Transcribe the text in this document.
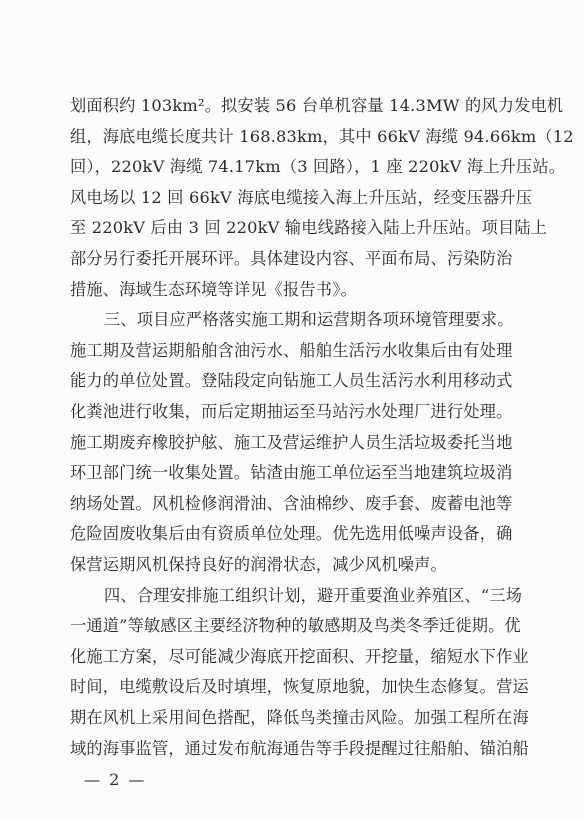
划面积约 103km²。拟安装 56 台单机容量 14.3MW 的风力发电机
组，海底电缆长度共计 168.83km，其中 66kV 海缆 94.66km（12
回），220kV 海缆 74.17km（3 回路），1 座 220kV 海上升压站。
风电场以 12 回 66kV 海底电缆接入海上升压站，经变压器升压
至 220kV 后由 3 回 220kV 输电线路接入陆上升压站。项目陆上
部分另行委托开展环评。具体建设内容、平面布局、污染防治
措施、海域生态环境等详见《报告书》。
三、项目应严格落实施工期和运营期各项环境管理要求。
施工期及营运期船舶含油污水、船舶生活污水收集后由有处理
能力的单位处置。登陆段定向钻施工人员生活污水利用移动式
化粪池进行收集，而后定期抽运至马站污水处理厂进行处理。
施工期废弃橡胶护舷、施工及营运维护人员生活垃圾委托当地
环卫部门统一收集处置。钻渣由施工单位运至当地建筑垃圾消
纳场处置。风机检修润滑油、含油棉纱、废手套、废蓄电池等
危险固废收集后由有资质单位处理。优先选用低噪声设备，确
保营运期风机保持良好的润滑状态，减少风机噪声。
四、合理安排施工组织计划，避开重要渔业养殖区、“三场
一通道”等敏感区主要经济物种的敏感期及鸟类冬季迁徙期。优
— 2 —
化施工方案，尽可能减少海底开挖面积、开挖量，缩短水下作业
时间，电缆敷设后及时填埋，恢复原地貌，加快生态修复。营运
期在风机上采用间色搭配，降低鸟类撞击风险。加强工程所在海
域的海事监管，通过发布航海通告等手段提醒过往船舶、锚泊船
